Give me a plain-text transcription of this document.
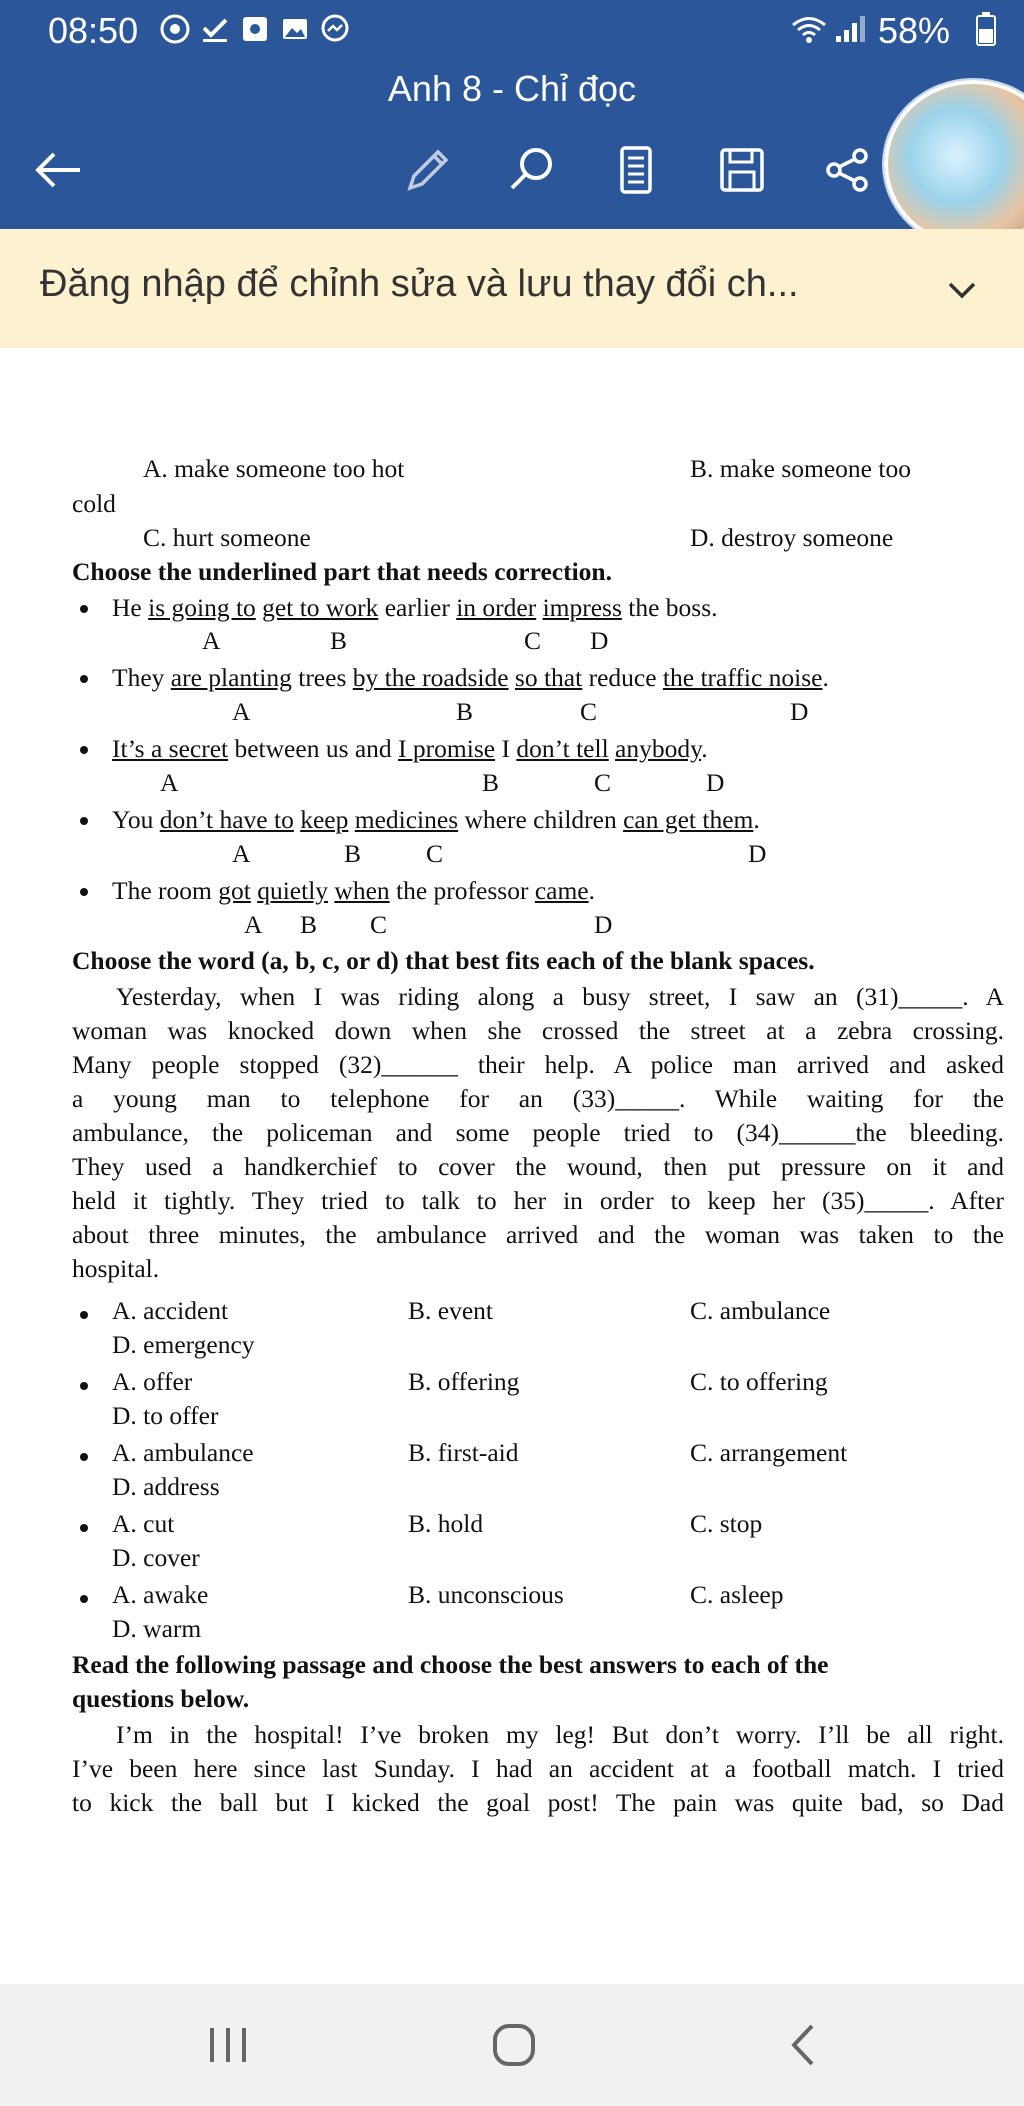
08:50	58%
Anh 8 - Chỉ đọc
Đăng nhập để chỉnh sửa và lưu thay đổi ch...
A. make someone too hot	B. make someone too
cold
C. hurt someone	D. destroy someone
Choose the underlined part that needs correction.
He is going to get to work earlier in order impress the boss.
A	B	C D
They are planting trees by the roadside so that reduce the traffic noise.
A	B	C	D
It’s a secret between us and I promise I don’t tell anybody.
A	B	C	D
You don’t have to keep medicines where children can get them.
A	B	C	D
The room got quietly when the professor came.
A B C	D
Choose the word (a, b, c, or d) that best fits each of the blank spaces.
Yesterday, when I was riding along a busy street, I saw an (31)_____. A
woman was knocked down when she crossed the street at a zebra crossing.
Many people stopped (32)______ their help. A police man arrived and asked
a young man to telephone for an (33)_____. While waiting for the
ambulance, the policeman and some people tried to (34)______the bleeding.
They used a handkerchief to cover the wound, then put pressure on it and
held it tightly. They tried to talk to her in order to keep her (35)_____. After
about three minutes, the ambulance arrived and the woman was taken to the
hospital.
A. accident	B. event	C. ambulance
D. emergency
A. offer	B. offering	C. to offering
D. to offer
A. ambulance	B. first-aid	C. arrangement
D. address
A. cut	B. hold	C. stop
D. cover
A. awake	B. unconscious	C. asleep
D. warm
Read the following passage and choose the best answers to each of the
questions below.
I’m in the hospital! I’ve broken my leg! But don’t worry. I’ll be all right.
I’ve been here since last Sunday. I had an accident at a football match. I tried
to kick the ball but I kicked the goal post! The pain was quite bad, so Dad
